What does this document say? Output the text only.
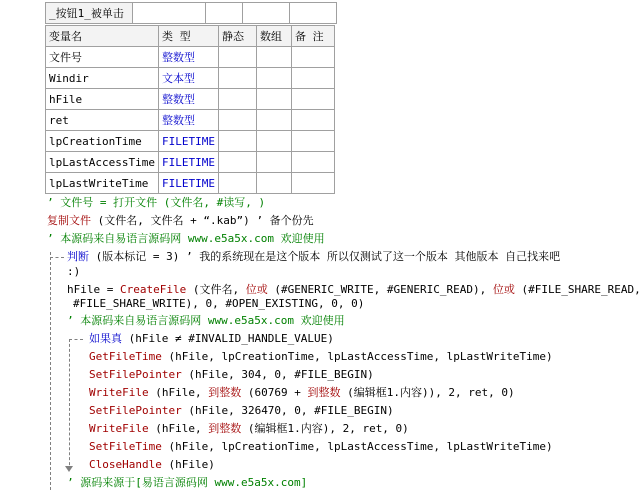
_按钮1_被单击				
变量名	类 型	静态	数组	备 注
文件号	整数型			
Windir	文本型			
hFile	整数型			
ret	整数型			
lpCreationTime	FILETIME			
lpLastAccessTime	FILETIME			
lpLastWriteTime	FILETIME			
’ 文件号 = 打开文件 (文件名, #读写, )
复制文件 (文件名, 文件名 + “.kab”) ’ 备个份先
’ 本源码来自易语言源码网 www.e5a5x.com 欢迎使用
判断 (版本标记 = 3) ’ 我的系统现在是这个版本 所以仅测试了这一个版本 其他版本 自己找来吧
:)
hFile = CreateFile (文件名, 位或 (#GENERIC_WRITE, #GENERIC_READ), 位或 (#FILE_SHARE_READ,
#FILE_SHARE_WRITE), 0, #OPEN_EXISTING, 0, 0)
’ 本源码来自易语言源码网 www.e5a5x.com 欢迎使用
如果真 (hFile ≠ #INVALID_HANDLE_VALUE)
GetFileTime (hFile, lpCreationTime, lpLastAccessTime, lpLastWriteTime)
SetFilePointer (hFile, 304, 0, #FILE_BEGIN)
WriteFile (hFile, 到整数 (60769 + 到整数 (编辑框1.内容)), 2, ret, 0)
SetFilePointer (hFile, 326470, 0, #FILE_BEGIN)
WriteFile (hFile, 到整数 (编辑框1.内容), 2, ret, 0)
SetFileTime (hFile, lpCreationTime, lpLastAccessTime, lpLastWriteTime)
CloseHandle (hFile)
’ 源码来源于[易语言源码网 www.e5a5x.com]
